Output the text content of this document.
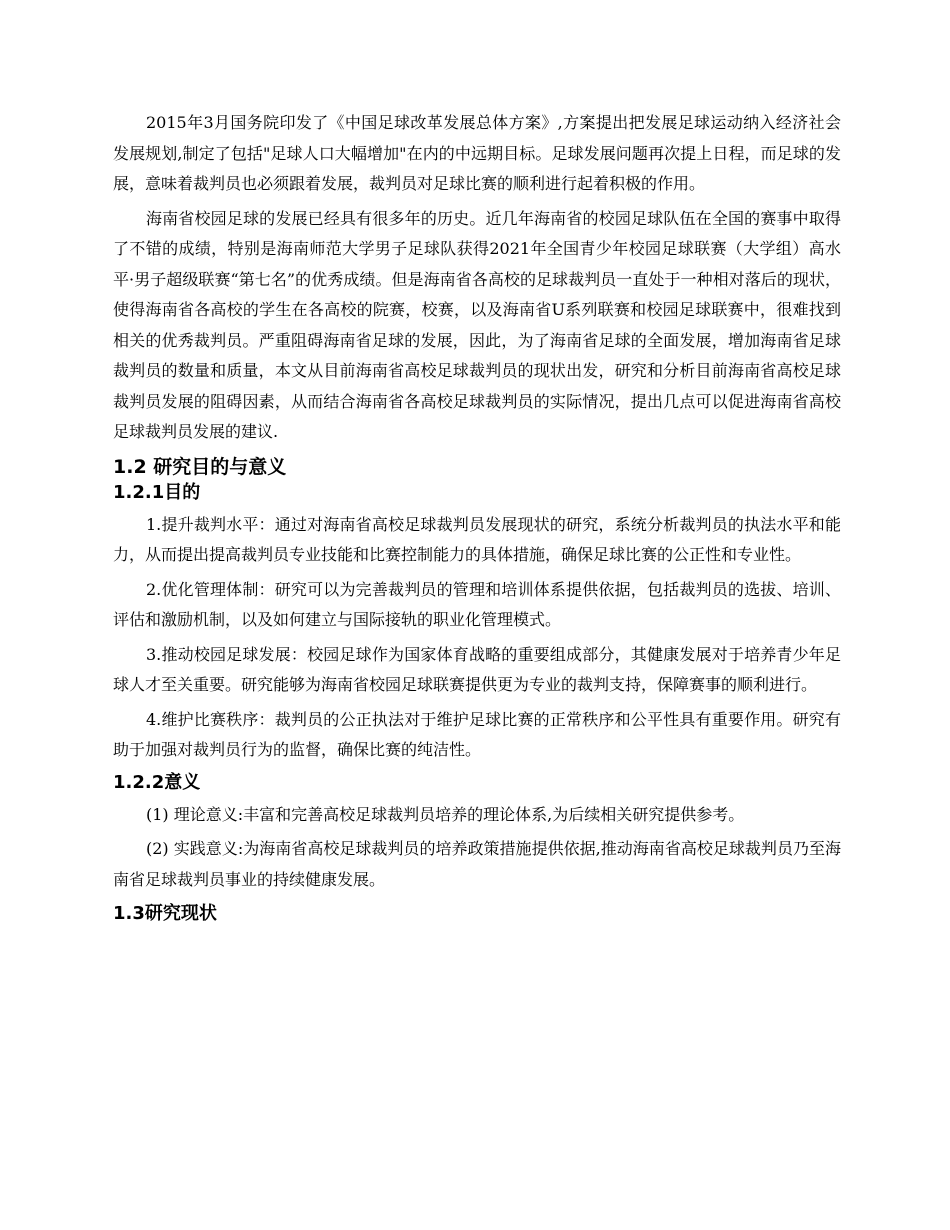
2015年3月国务院印发了《中国足球改革发展总体方案》,方案提出把发展足球运动纳入经济社会发展规划,制定了包括"足球人口大幅增加"在内的中远期目标。足球发展问题再次提上日程，而足球的发展，意味着裁判员也必须跟着发展，裁判员对足球比赛的顺利进行起着积极的作用。

海南省校园足球的发展已经具有很多年的历史。近几年海南省的校园足球队伍在全国的赛事中取得了不错的成绩，特别是海南师范大学男子足球队获得2021年全国青少年校园足球联赛（大学组）高水平·男子超级联赛“第七名”的优秀成绩。但是海南省各高校的足球裁判员一直处于一种相对落后的现状，使得海南省各高校的学生在各高校的院赛，校赛，以及海南省U系列联赛和校园足球联赛中，很难找到相关的优秀裁判员。严重阻碍海南省足球的发展，因此，为了海南省足球的全面发展，增加海南省足球裁判员的数量和质量，本文从目前海南省高校足球裁判员的现状出发，研究和分析目前海南省高校足球裁判员发展的阻碍因素，从而结合海南省各高校足球裁判员的实际情况，提出几点可以促进海南省高校足球裁判员发展的建议.

1.2 研究目的与意义
1.2.1目的

1.提升裁判水平：通过对海南省高校足球裁判员发展现状的研究，系统分析裁判员的执法水平和能力，从而提出提高裁判员专业技能和比赛控制能力的具体措施，确保足球比赛的公正性和专业性。

2.优化管理体制：研究可以为完善裁判员的管理和培训体系提供依据，包括裁判员的选拔、培训、评估和激励机制，以及如何建立与国际接轨的职业化管理模式。

3.推动校园足球发展：校园足球作为国家体育战略的重要组成部分，其健康发展对于培养青少年足球人才至关重要。研究能够为海南省校园足球联赛提供更为专业的裁判支持，保障赛事的顺利进行。

4.维护比赛秩序：裁判员的公正执法对于维护足球比赛的正常秩序和公平性具有重要作用。研究有助于加强对裁判员行为的监督，确保比赛的纯洁性。

1.2.2意义

(1) 理论意义:丰富和完善高校足球裁判员培养的理论体系,为后续相关研究提供参考。

(2) 实践意义:为海南省高校足球裁判员的培养政策措施提供依据,推动海南省高校足球裁判员乃至海南省足球裁判员事业的持续健康发展。

1.3研究现状
